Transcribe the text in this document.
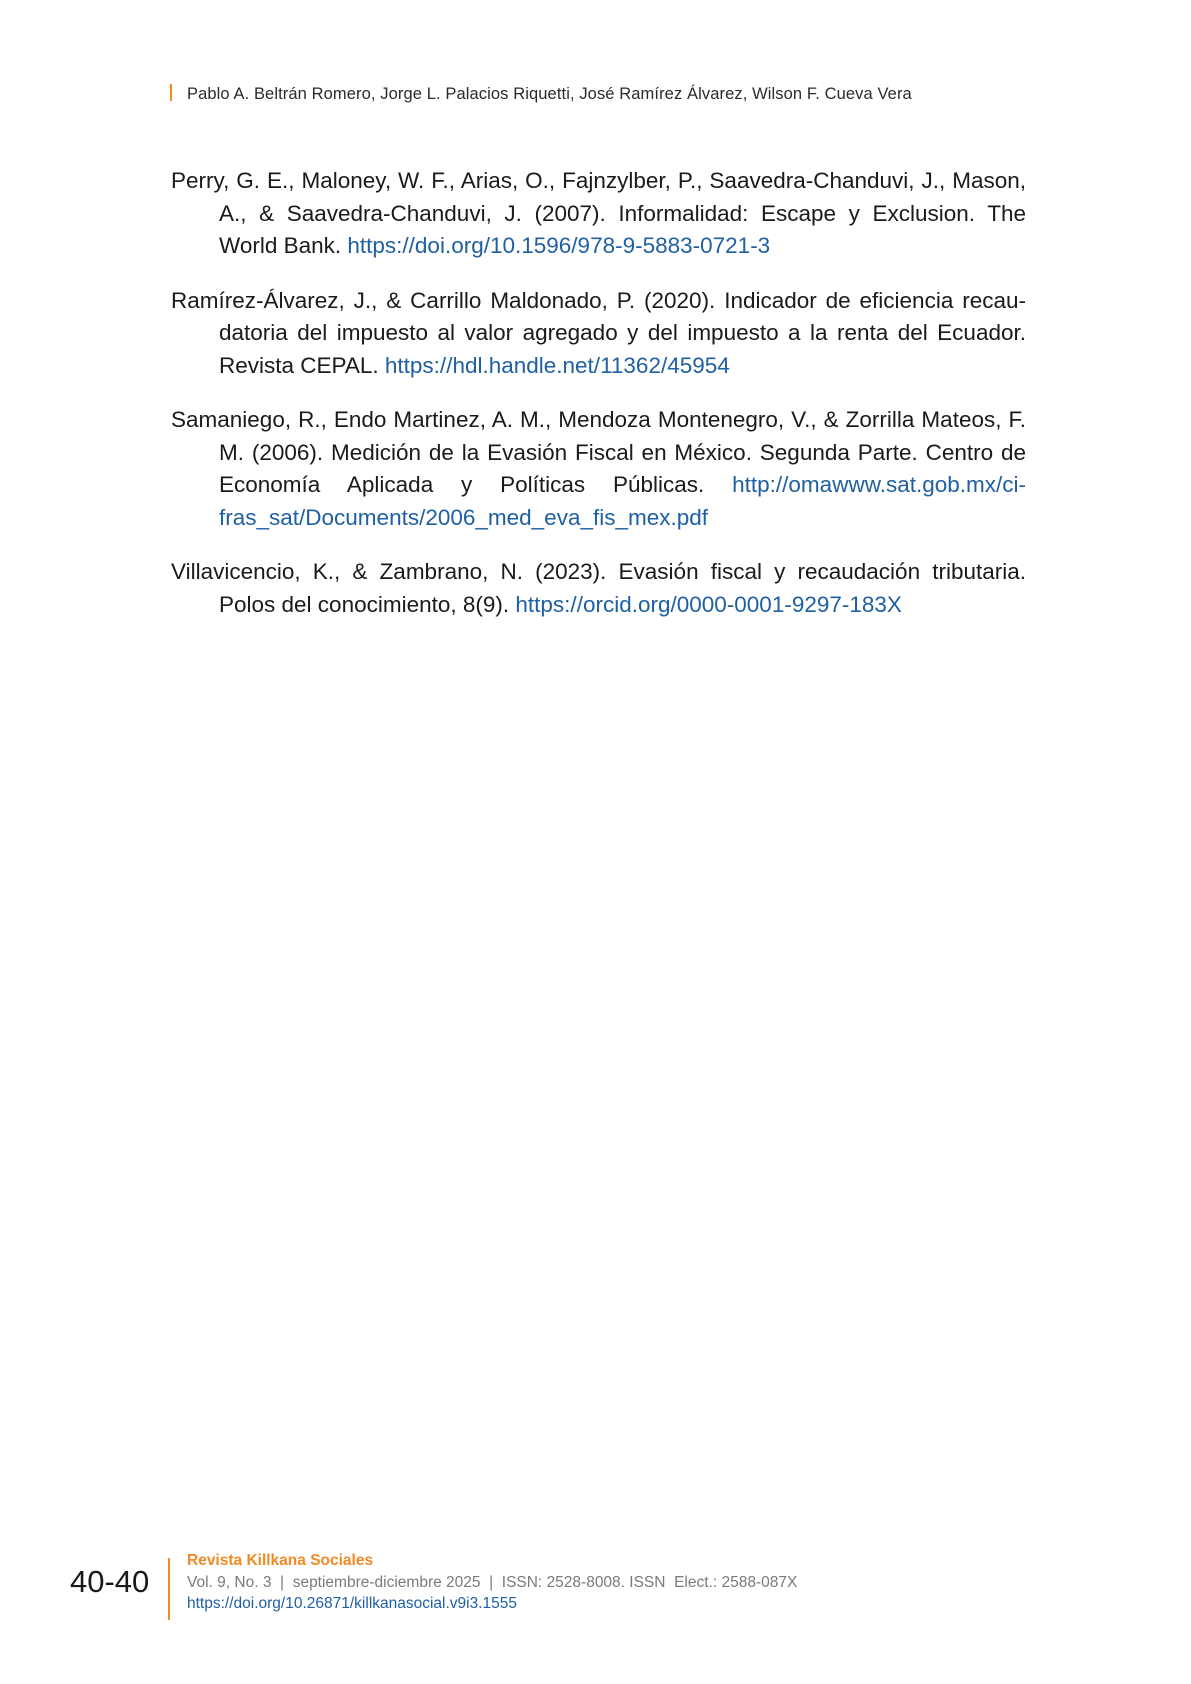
Pablo A. Beltrán Romero, Jorge L. Palacios Riquetti, José Ramírez Álvarez, Wilson F. Cueva Vera

Perry, G. E., Maloney, W. F., Arias, O., Fajnzylber, P., Saavedra-Chanduvi, J., Mason, A., & Saavedra-Chanduvi, J. (2007). Informalidad: Escape y Exclusion. The World Bank. https://doi.org/10.1596/978-9-5883-0721-3

Ramírez-Álvarez, J., & Carrillo Maldonado, P. (2020). Indicador de eficiencia recaudatoria del impuesto al valor agregado y del impuesto a la renta del Ecuador. Revista CEPAL. https://hdl.handle.net/11362/45954

Samaniego, R., Endo Martinez, A. M., Mendoza Montenegro, V., & Zorrilla Mateos, F. M. (2006). Medición de la Evasión Fiscal en México. Segunda Parte. Centro de Economía Aplicada y Políticas Públicas. http://omawww.sat.gob.mx/cifras_sat/Documents/2006_med_eva_fis_mex.pdf

Villavicencio, K., & Zambrano, N. (2023). Evasión fiscal y recaudación tributaria. Polos del conocimiento, 8(9). https://orcid.org/0000-0001-9297-183X

40-40
Revista Killkana Sociales
Vol. 9, No. 3  |  septiembre-diciembre 2025  |  ISSN: 2528-8008. ISSN  Elect.: 2588-087X
https://doi.org/10.26871/killkanasocial.v9i3.1555
